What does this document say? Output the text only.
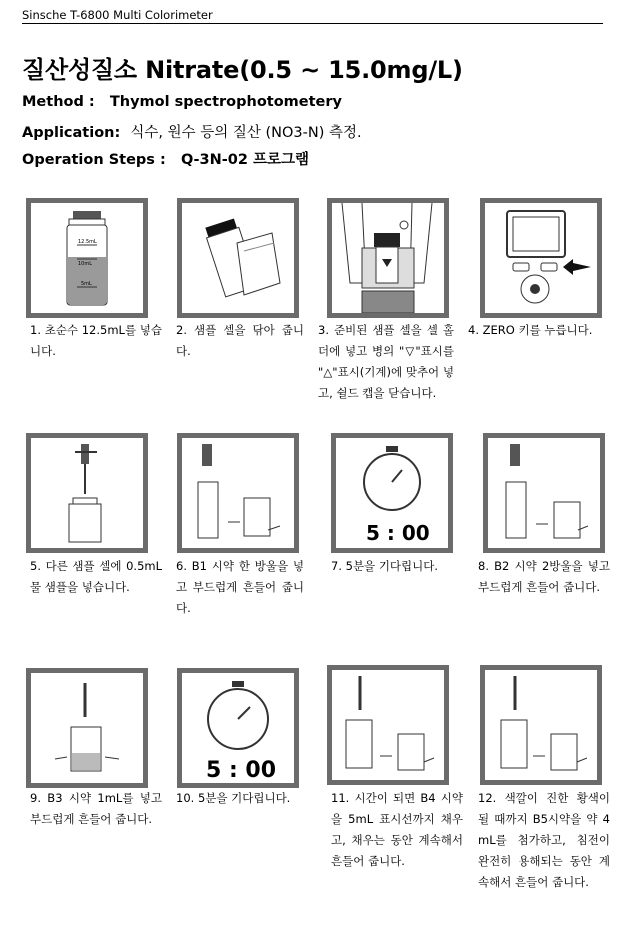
Sinsche T-6800 Multi Colorimeter
질산성질소 Nitrate(0.5 ~ 15.0mg/L)
Method : Thymol spectrophotometery
Application: 식수, 원수 등의 질산 (NO3-N) 측정.
Operation Steps : Q-3N-02 프로그램
12.5mL
10mL
5mL
1. 초순수 12.5mL를 넣습니다.
2. 샘플 셀을 닦아 줍니다.
3. 준비된 샘플 셀을 셀 홀더에 넣고 병의 "▽"표시를 "△"표시(기계)에 맞추어 넣고, 쉴드 캡을 닫습니다.
4. ZERO 키를 누릅니다.
5 : 00
5. 다른 샘플 셀에 0.5mL 물 샘플을 넣습니다.
6. B1 시약 한 방울을 넣고 부드럽게 흔들어 줍니다.
7. 5분을 기다립니다.	8. B2 시약 2방울을 넣고 부드럽게 흔들어 줍니다.
5 : 00
9. B3 시약 1mL를 넣고 부드럽게 흔들어 줍니다.
10. 5분을 기다립니다.	11. 시간이 되면 B4 시약을 5mL 표시선까지 채우고, 채우는 동안 계속해서 흔들어 줍니다.
12. 색깔이 진한 황색이 될 때까지 B5시약을 약 4mL를 첨가하고, 침전이 완전히 용해되는 동안 계속해서 흔들어 줍니다.
